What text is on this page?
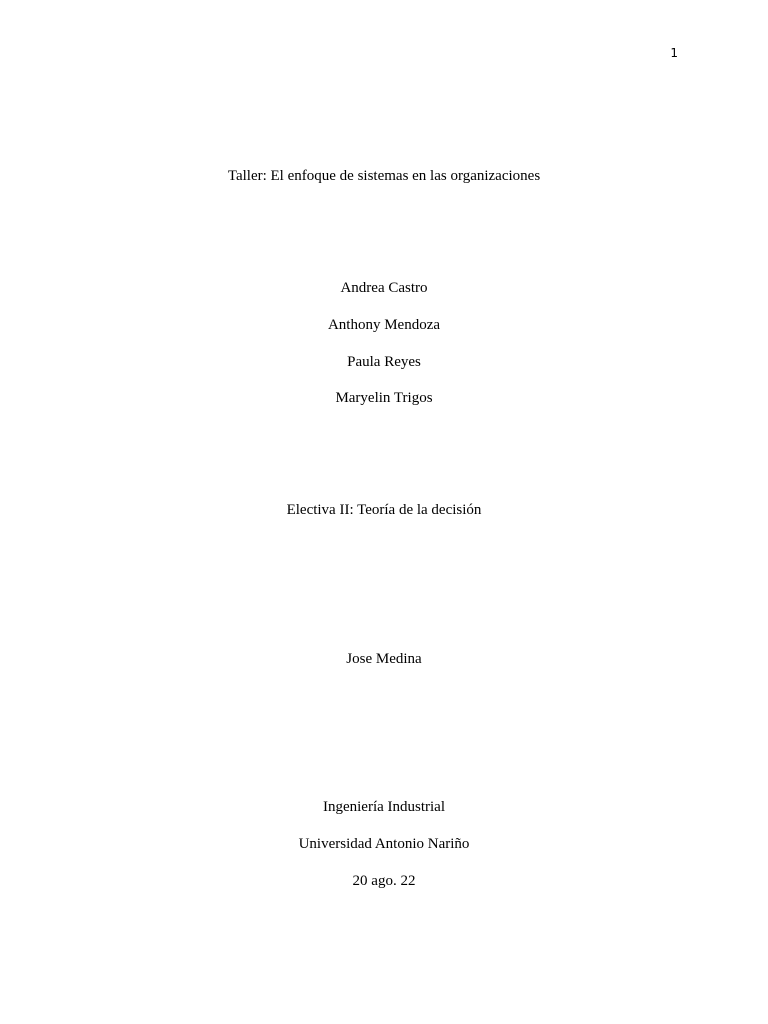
1
Taller: El enfoque de sistemas en las organizaciones
Andrea Castro
Anthony Mendoza
Paula Reyes
Maryelin Trigos
Electiva II: Teoría de la decisión
Jose Medina
Ingeniería Industrial
Universidad Antonio Nariño
20 ago. 22
